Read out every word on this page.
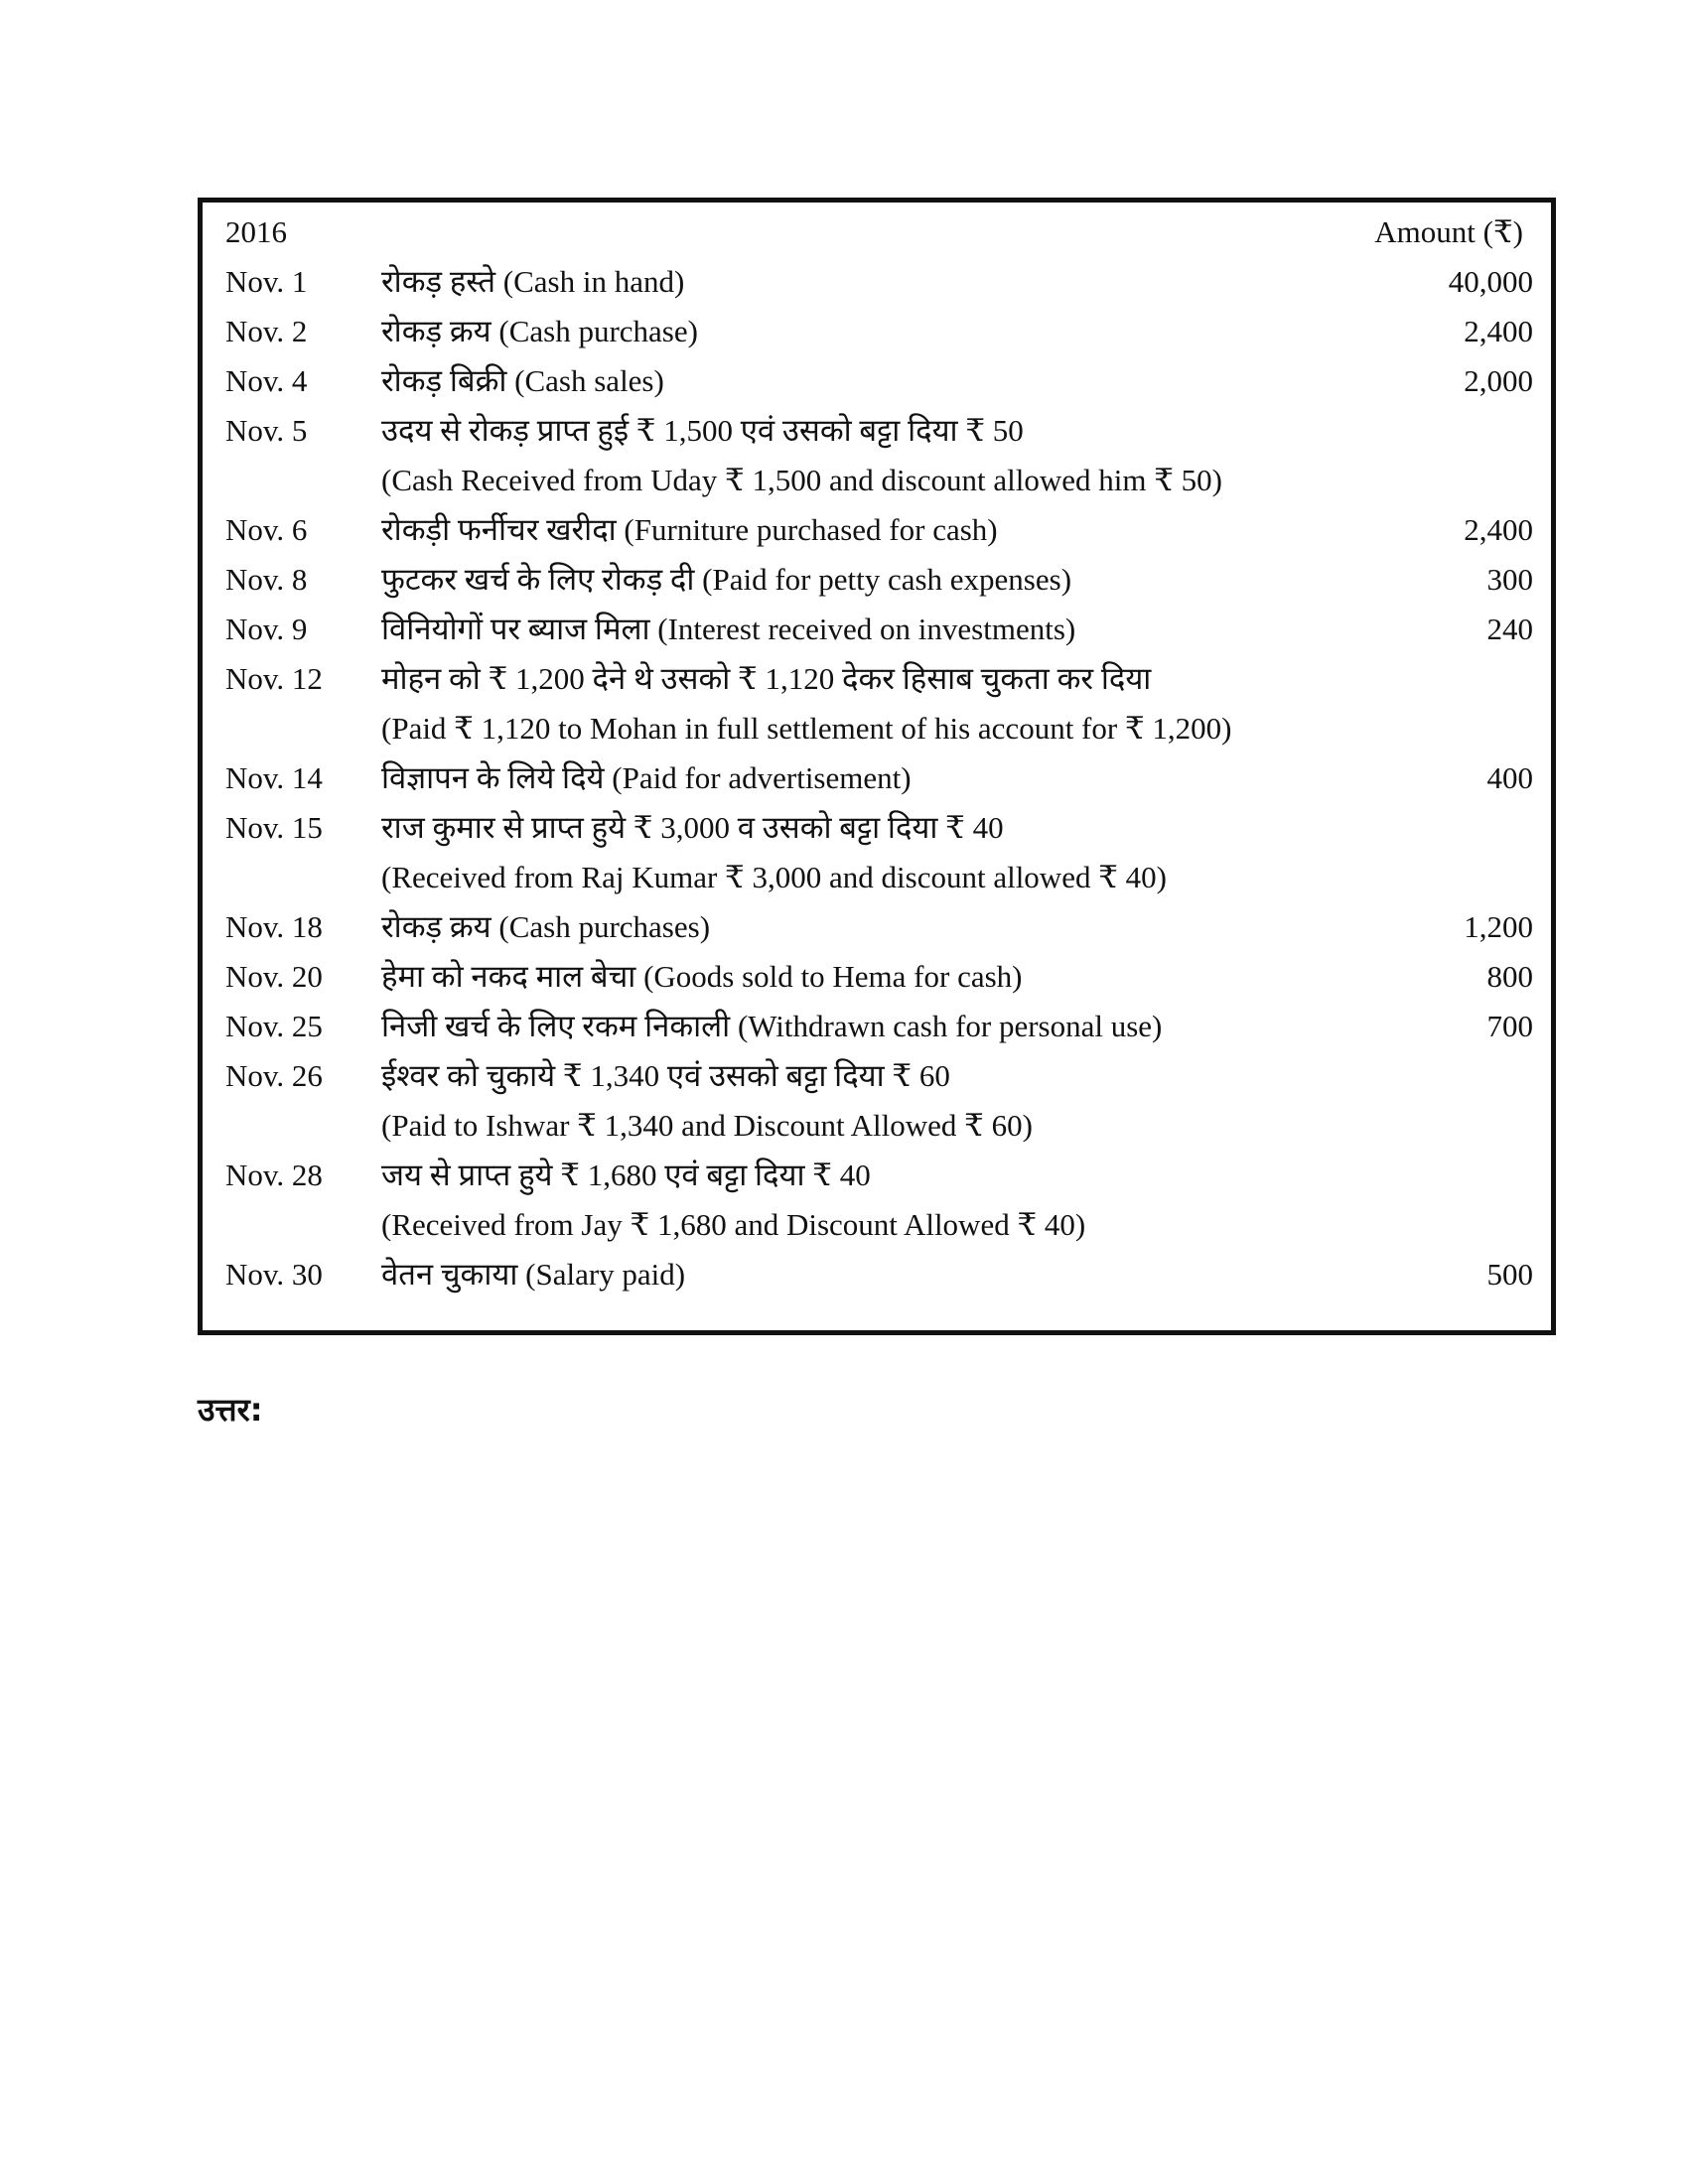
2016	Amount (₹)
Nov. 1 रोकड़ हस्ते (Cash in hand)	40,000
Nov. 2 रोकड़ क्रय (Cash purchase)	2,400
Nov. 4 रोकड़ बिक्री (Cash sales)	2,000
Nov. 5 उदय से रोकड़ प्राप्त हुई ₹ 1,500 एवं उसको बट्टा दिया ₹ 50
(Cash Received from Uday ₹ 1,500 and discount allowed him ₹ 50)
Nov. 6 रोकड़ी फर्नीचर खरीदा (Furniture purchased for cash)	2,400
Nov. 8 फुटकर खर्च के लिए रोकड़ दी (Paid for petty cash expenses)	300
Nov. 9 विनियोगों पर ब्याज मिला (Interest received on investments)	240
Nov. 12 मोहन को ₹ 1,200 देने थे उसको ₹ 1,120 देकर हिसाब चुकता कर दिया
(Paid ₹ 1,120 to Mohan in full settlement of his account for ₹ 1,200)
Nov. 14 विज्ञापन के लिये दिये (Paid for advertisement)	400
Nov. 15 राज कुमार से प्राप्त हुये ₹ 3,000 व उसको बट्टा दिया ₹ 40
(Received from Raj Kumar ₹ 3,000 and discount allowed ₹ 40)
Nov. 18 रोकड़ क्रय (Cash purchases)	1,200
Nov. 20 हेमा को नकद माल बेचा (Goods sold to Hema for cash)	800
Nov. 25 निजी खर्च के लिए रकम निकाली (Withdrawn cash for personal use)	700
Nov. 26 ईश्वर को चुकाये ₹ 1,340 एवं उसको बट्टा दिया ₹ 60
(Paid to Ishwar ₹ 1,340 and Discount Allowed ₹ 60)
Nov. 28 जय से प्राप्त हुये ₹ 1,680 एवं बट्टा दिया ₹ 40
(Received from Jay ₹ 1,680 and Discount Allowed ₹ 40)
Nov. 30 वेतन चुकाया (Salary paid)	500
उत्तर:
